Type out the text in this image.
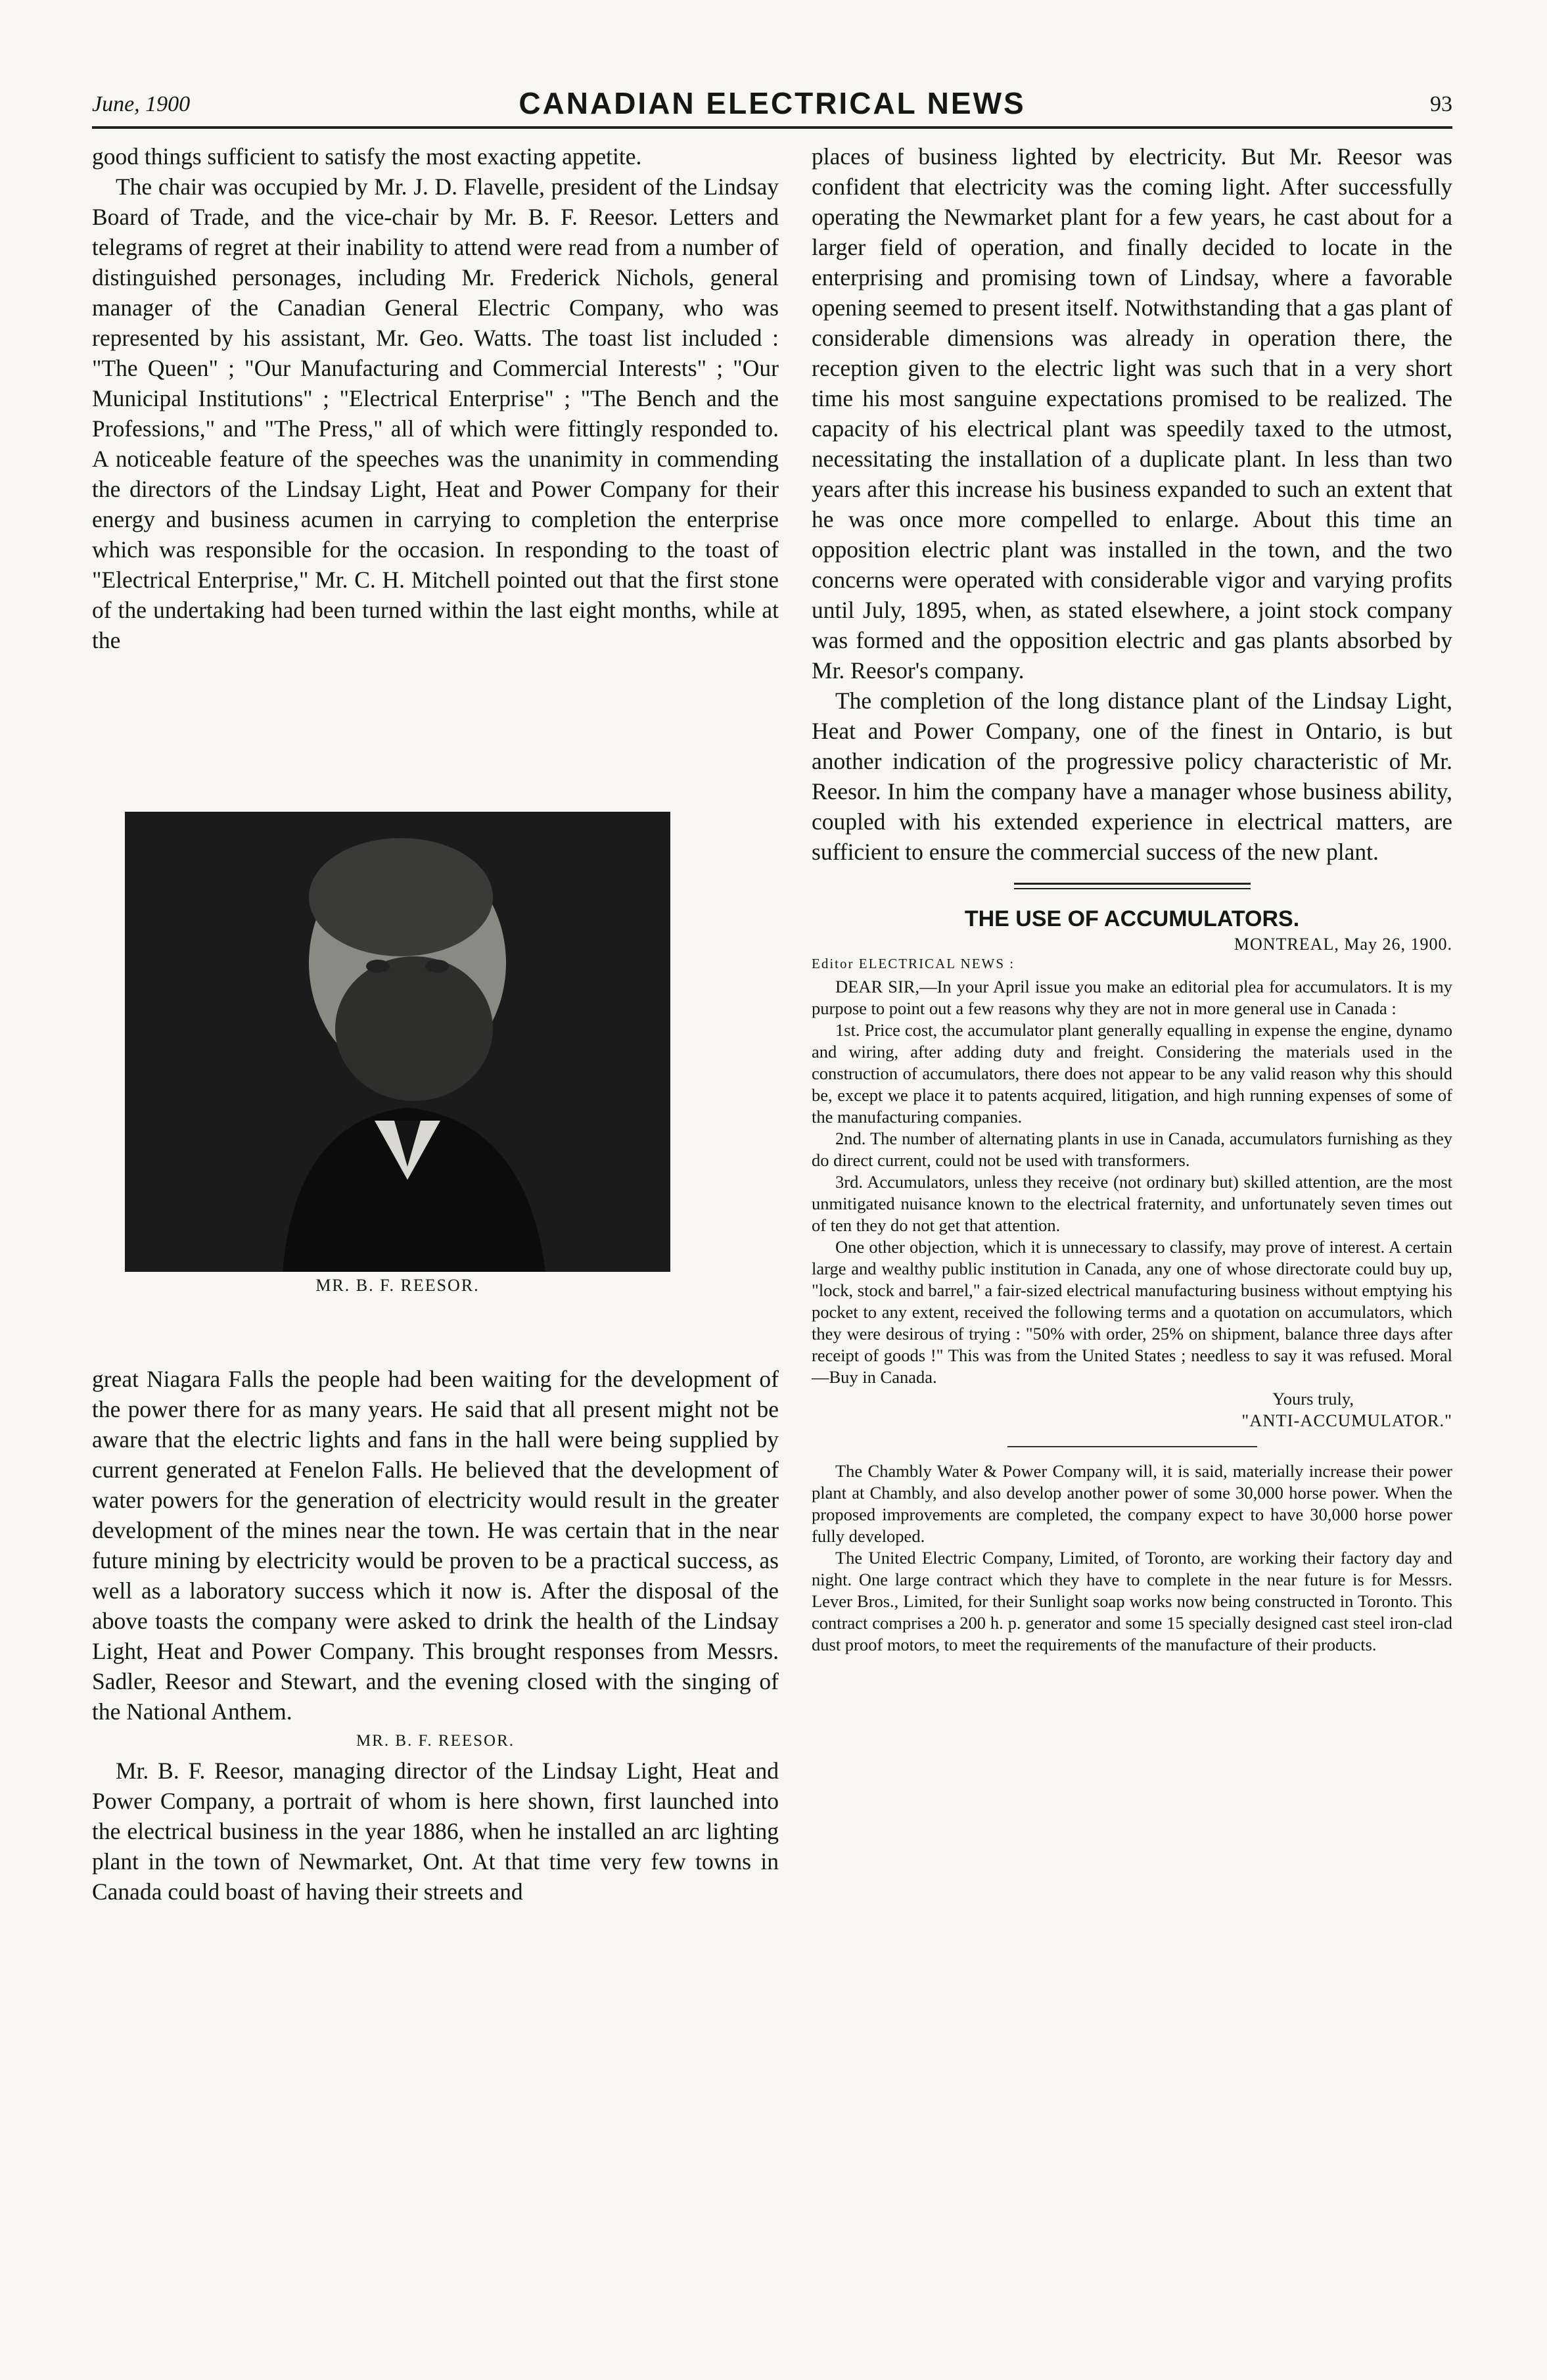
June, 1900	CANADIAN ELECTRICAL NEWS	93

good things sufficient to satisfy the most exacting appetite.

The chair was occupied by Mr. J. D. Flavelle, president of the Lindsay Board of Trade, and the vice-chair by Mr. B. F. Reesor. Letters and telegrams of regret at their inability to attend were read from a number of distinguished personages, including Mr. Frederick Nichols, general manager of the Canadian General Electric Company, who was represented by his assistant, Mr. Geo. Watts. The toast list included : "The Queen" ; "Our Manufacturing and Commercial Interests" ; "Our Municipal Institutions" ; "Electrical Enterprise" ; "The Bench and the Professions," and "The Press," all of which were fittingly responded to. A noticeable feature of the speeches was the unanimity in commending the directors of the Lindsay Light, Heat and Power Company for their energy and business acumen in carrying to completion the enterprise which was responsible for the occasion. In responding to the toast of "Electrical Enterprise," Mr. C. H. Mitchell pointed out that the first stone of the undertaking had been turned within the last eight months, while at the

MR. B. F. REESOR.

great Niagara Falls the people had been waiting for the development of the power there for as many years. He said that all present might not be aware that the electric lights and fans in the hall were being supplied by current generated at Fenelon Falls. He believed that the development of water powers for the generation of electricity would result in the greater development of the mines near the town. He was certain that in the near future mining by electricity would be proven to be a practical success, as well as a laboratory success which it now is. After the disposal of the above toasts the company were asked to drink the health of the Lindsay Light, Heat and Power Company. This brought responses from Messrs. Sadler, Reesor and Stewart, and the evening closed with the singing of the National Anthem.

MR. B. F. REESOR.

Mr. B. F. Reesor, managing director of the Lindsay Light, Heat and Power Company, a portrait of whom is here shown, first launched into the electrical business in the year 1886, when he installed an arc lighting plant in the town of Newmarket, Ont. At that time very few towns in Canada could boast of having their streets and

places of business lighted by electricity. But Mr. Reesor was confident that electricity was the coming light. After successfully operating the Newmarket plant for a few years, he cast about for a larger field of operation, and finally decided to locate in the enterprising and promising town of Lindsay, where a favorable opening seemed to present itself. Notwithstanding that a gas plant of considerable dimensions was already in operation there, the reception given to the electric light was such that in a very short time his most sanguine expectations promised to be realized. The capacity of his electrical plant was speedily taxed to the utmost, necessitating the installation of a duplicate plant. In less than two years after this increase his business expanded to such an extent that he was once more compelled to enlarge. About this time an opposition electric plant was installed in the town, and the two concerns were operated with considerable vigor and varying profits until July, 1895, when, as stated elsewhere, a joint stock company was formed and the opposition electric and gas plants absorbed by Mr. Reesor's company.

The completion of the long distance plant of the Lindsay Light, Heat and Power Company, one of the finest in Ontario, is but another indication of the progressive policy characteristic of Mr. Reesor. In him the company have a manager whose business ability, coupled with his extended experience in electrical matters, are sufficient to ensure the commercial success of the new plant.

THE USE OF ACCUMULATORS.
MONTREAL, May 26, 1900.
Editor ELECTRICAL NEWS :

DEAR SIR,—In your April issue you make an editorial plea for accumulators. It is my purpose to point out a few reasons why they are not in more general use in Canada :

1st. Price cost, the accumulator plant generally equalling in expense the engine, dynamo and wiring, after adding duty and freight. Considering the materials used in the construction of accumulators, there does not appear to be any valid reason why this should be, except we place it to patents acquired, litigation, and high running expenses of some of the manufacturing companies.

2nd. The number of alternating plants in use in Canada, accumulators furnishing as they do direct current, could not be used with transformers.

3rd. Accumulators, unless they receive (not ordinary but) skilled attention, are the most unmitigated nuisance known to the electrical fraternity, and unfortunately seven times out of ten they do not get that attention.

One other objection, which it is unnecessary to classify, may prove of interest. A certain large and wealthy public institution in Canada, any one of whose directorate could buy up, "lock, stock and barrel," a fair-sized electrical manufacturing business without emptying his pocket to any extent, received the following terms and a quotation on accumulators, which they were desirous of trying : "50% with order, 25% on shipment, balance three days after receipt of goods !" This was from the United States ; needless to say it was refused. Moral—Buy in Canada.

Yours truly,
"ANTI-ACCUMULATOR."

The Chambly Water & Power Company will, it is said, materially increase their power plant at Chambly, and also develop another power of some 30,000 horse power. When the proposed improvements are completed, the company expect to have 30,000 horse power fully developed.

The United Electric Company, Limited, of Toronto, are working their factory day and night. One large contract which they have to complete in the near future is for Messrs. Lever Bros., Limited, for their Sunlight soap works now being constructed in Toronto. This contract comprises a 200 h. p. generator and some 15 specially designed cast steel iron-clad dust proof motors, to meet the requirements of the manufacture of their products.
